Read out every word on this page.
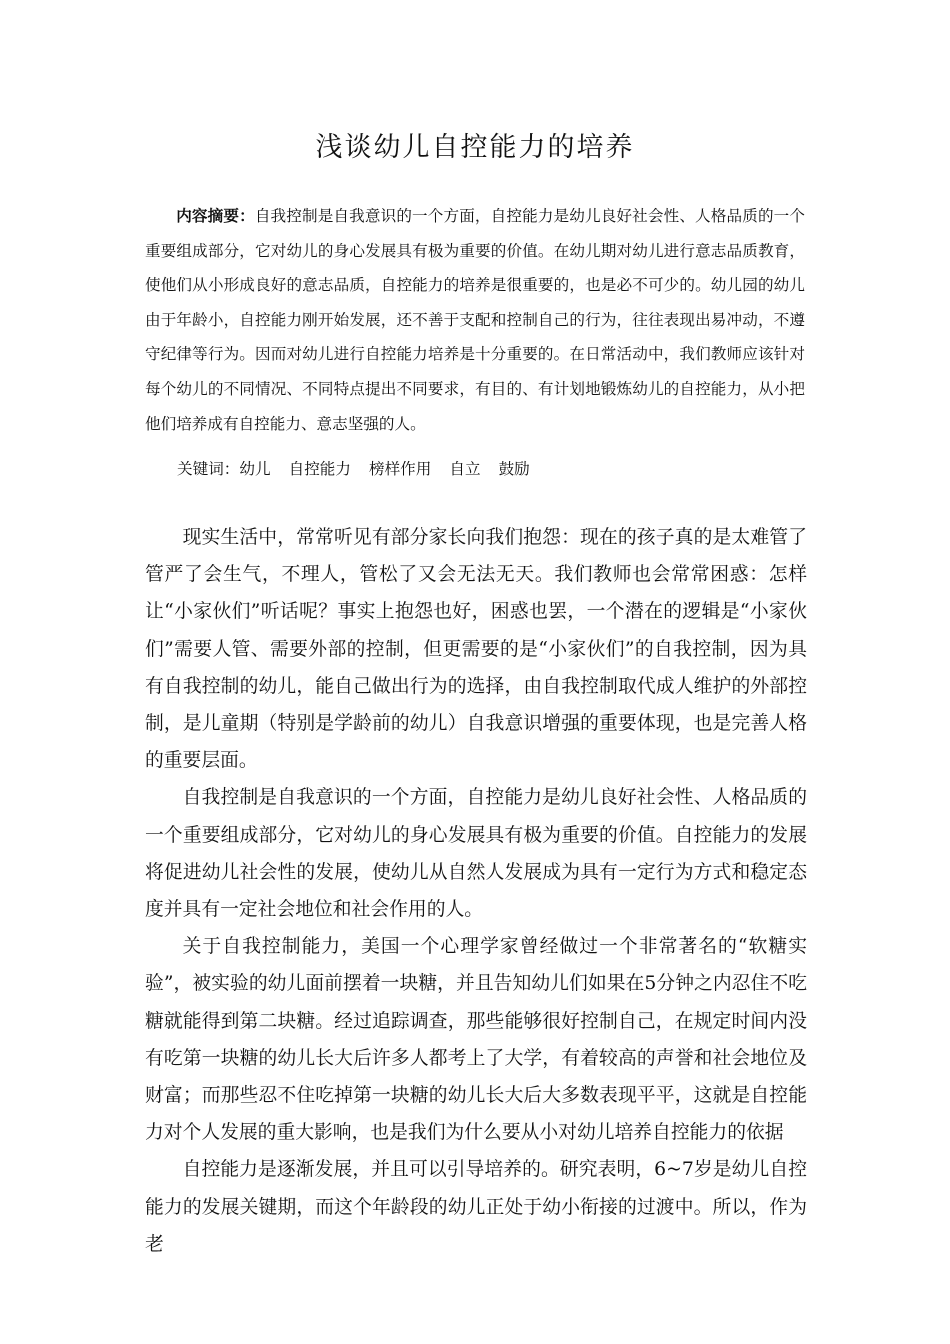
浅谈幼儿自控能力的培养

内容摘要：自我控制是自我意识的一个方面，自控能力是幼儿良好社会性、人格品质的一个重要组成部分，它对幼儿的身心发展具有极为重要的价值。在幼儿期对幼儿进行意志品质教育，使他们从小形成良好的意志品质，自控能力的培养是很重要的，也是必不可少的。幼儿园的幼儿由于年龄小，自控能力刚开始发展，还不善于支配和控制自己的行为，往往表现出易冲动，不遵守纪律等行为。因而对幼儿进行自控能力培养是十分重要的。在日常活动中，我们教师应该针对每个幼儿的不同情况、不同特点提出不同要求，有目的、有计划地锻炼幼儿的自控能力，从小把他们培养成有自控能力、意志坚强的人。

关键词：幼儿 自控能力 榜样作用 自立 鼓励

现实生活中，常常听见有部分家长向我们抱怨：现在的孩子真的是太难管了管严了会生气，不理人，管松了又会无法无天。我们教师也会常常困惑：怎样让“小家伙们”听话呢？事实上抱怨也好，困惑也罢，一个潜在的逻辑是“小家伙们”需要人管、需要外部的控制，但更需要的是“小家伙们”的自我控制，因为具有自我控制的幼儿，能自己做出行为的选择，由自我控制取代成人维护的外部控制，是儿童期（特别是学龄前的幼儿）自我意识增强的重要体现，也是完善人格的重要层面。

自我控制是自我意识的一个方面，自控能力是幼儿良好社会性、人格品质的一个重要组成部分，它对幼儿的身心发展具有极为重要的价值。自控能力的发展将促进幼儿社会性的发展，使幼儿从自然人发展成为具有一定行为方式和稳定态度并具有一定社会地位和社会作用的人。

关于自我控制能力，美国一个心理学家曾经做过一个非常著名的“软糖实验”，被实验的幼儿面前摆着一块糖，并且告知幼儿们如果在5分钟之内忍住不吃糖就能得到第二块糖。经过追踪调查，那些能够很好控制自己，在规定时间内没有吃第一块糖的幼儿长大后许多人都考上了大学，有着较高的声誉和社会地位及财富；而那些忍不住吃掉第一块糖的幼儿长大后大多数表现平平，这就是自控能力对个人发展的重大影响，也是我们为什么要从小对幼儿培养自控能力的依据

自控能力是逐渐发展，并且可以引导培养的。研究表明，6~7岁是幼儿自控能力的发展关键期，而这个年龄段的幼儿正处于幼小衔接的过渡中。所以，作为老
